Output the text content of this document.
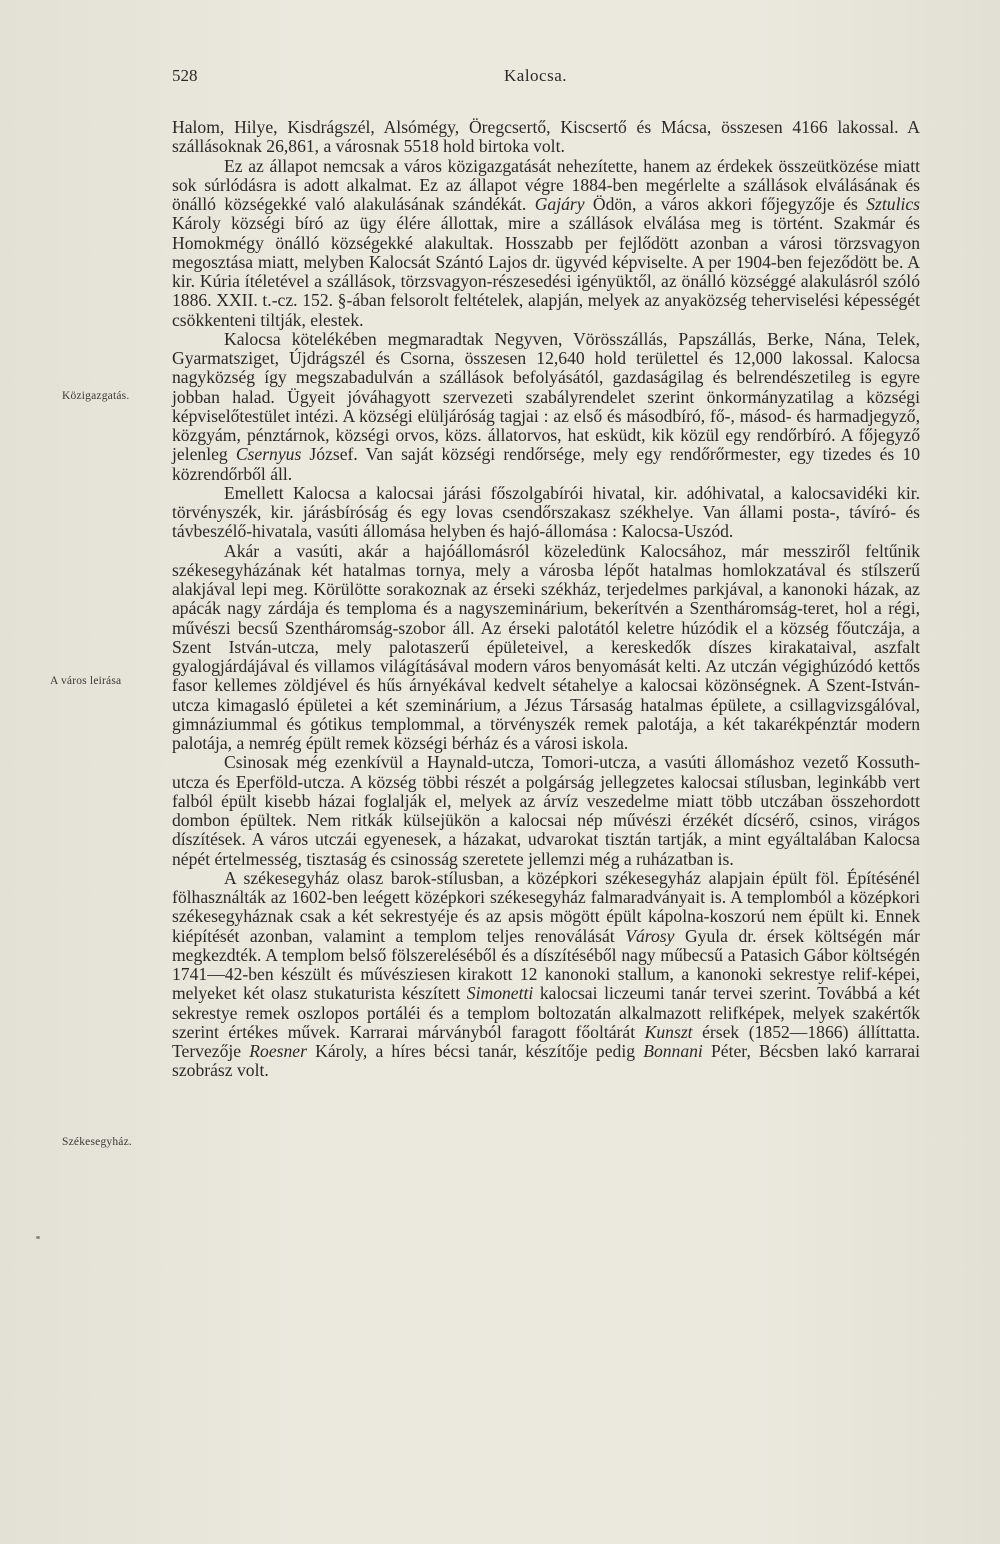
528	Kalocsa.
Közigazgatás.
A város leirása
Székesegyház.

Halom, Hilye, Kisdrágszél, Alsómégy, Öregcsertő, Kiscsertő és Mácsa, összesen 4166 lakossal. A szállásoknak 26,861, a városnak 5518 hold birtoka volt.

Ez az állapot nemcsak a város közigazgatását nehezítette, hanem az érdekek összeütközése miatt sok súrlódásra is adott alkalmat. Ez az állapot végre 1884-ben megérlelte a szállások elválásának és önálló községekké való alakulásának szándékát. Gajáry Ödön, a város akkori főjegyzője és Sztulics Károly községi bíró az ügy élére állottak, mire a szállások elválása meg is történt. Szakmár és Homokmégy önálló községekké alakultak. Hosszabb per fejlődött azonban a városi törzsvagyon megosztása miatt, melyben Kalocsát Szántó Lajos dr. ügyvéd képviselte. A per 1904-ben fejeződött be. A kir. Kúria ítéletével a szállások, törzsvagyon-részesedési igényüktől, az önálló községgé alakulásról szóló 1886. XXII. t.-cz. 152. §-ában felsorolt feltételek, alapján, melyek az anyaközség teherviselési képességét csökkenteni tiltják, elestek.

Kalocsa kötelékében megmaradtak Negyven, Vörösszállás, Papszállás, Berke, Nána, Telek, Gyarmatsziget, Újdrágszél és Csorna, összesen 12,640 hold területtel és 12,000 lakossal. Kalocsa nagyközség így megszabadulván a szállások befolyásától, gazdaságilag és belrendészetileg is egyre jobban halad. Ügyeit jóváhagyott szervezeti szabályrendelet szerint önkormányzatilag a községi képviselőtestület intézi. A községi elüljáróság tagjai : az első és másodbíró, fő-, másod- és harmadjegyző, közgyám, pénztárnok, községi orvos, közs. állatorvos, hat esküdt, kik közül egy rendőrbíró. A főjegyző jelenleg Csernyus József. Van saját községi rendőrsége, mely egy rendőrőrmester, egy tizedes és 10 közrendőrből áll.

Emellett Kalocsa a kalocsai járási főszolgabírói hivatal, kir. adóhivatal, a kalocsavidéki kir. törvényszék, kir. járásbíróság és egy lovas csendőrszakasz székhelye. Van állami posta-, távíró- és távbeszélő-hivatala, vasúti állomása helyben és hajó-állomása : Kalocsa-Uszód.

Akár a vasúti, akár a hajóállomásról közeledünk Kalocsához, már messziről feltűnik székesegyházának két hatalmas tornya, mely a városba lépőt hatalmas homlokzatával és stílszerű alakjával lepi meg. Körülötte sorakoznak az érseki székház, terjedelmes parkjával, a kanonoki házak, az apácák nagy zárdája és temploma és a nagyszeminárium, bekerítvén a Szentháromság-teret, hol a régi, művészi becsű Szentháromság-szobor áll. Az érseki palotától keletre húzódik el a község főutczája, a Szent István-utcza, mely palotaszerű épületeivel, a kereskedők díszes kirakataival, aszfalt gyalogjárdájával és villamos világításával modern város benyomását kelti. Az utczán végighúzódó kettős fasor kellemes zöldjével és hűs árnyékával kedvelt sétahelye a kalocsai közönségnek. A Szent-István-utcza kimagasló épületei a két szeminárium, a Jézus Társaság hatalmas épülete, a csillagvizsgálóval, gimnáziummal és gótikus templommal, a törvényszék remek palotája, a két takarékpénztár modern palotája, a nemrég épült remek községi bérház és a városi iskola.

Csinosak még ezenkívül a Haynald-utcza, Tomori-utcza, a vasúti állomáshoz vezető Kossuth-utcza és Eperföld-utcza. A község többi részét a polgárság jellegzetes kalocsai stílusban, leginkább vert falból épült kisebb házai foglalják el, melyek az árvíz veszedelme miatt több utczában összehordott dombon épültek. Nem ritkák külsejükön a kalocsai nép művészi érzékét dícsérő, csinos, virágos díszítések. A város utczái egyenesek, a házakat, udvarokat tisztán tartják, a mint egyáltalában Kalocsa népét értelmesség, tisztaság és csinosság szeretete jellemzi még a ruházatban is.

A székesegyház olasz barok-stílusban, a középkori székesegyház alapjain épült föl. Építésénél fölhasználták az 1602-ben leégett középkori székesegyház falmaradványait is. A templomból a középkori székesegyháznak csak a két sekrestyéje és az apsis mögött épült kápolna-koszorú nem épült ki. Ennek kiépítését azonban, valamint a templom teljes renoválását Városy Gyula dr. érsek költségén már megkezdték. A templom belső fölszereléséből és a díszítéséből nagy műbecsű a Patasich Gábor költségén 1741—42-ben készült és művésziesen kirakott 12 kanonoki stallum, a kanonoki sekrestye relif-képei, melyeket két olasz stukaturista készített Simonetti kalocsai liczeumi tanár tervei szerint. Továbbá a két sekrestye remek oszlopos portáléi és a templom boltozatán alkalmazott relifképek, melyek szakértők szerint értékes művek. Karrarai márványból faragott főoltárát Kunszt érsek (1852—1866) állíttatta. Tervezője Roesner Károly, a híres bécsi tanár, készítője pedig Bonnani Péter, Bécsben lakó karrarai szobrász volt.
